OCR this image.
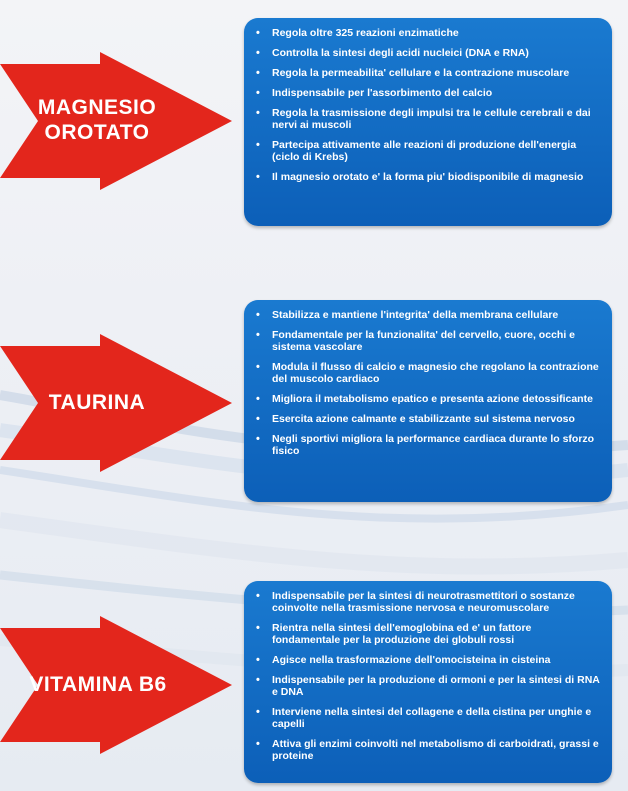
MAGNESIO
OROTATO
• Regola oltre 325 reazioni enzimatiche
• Controlla la sintesi degli acidi nucleici (DNA e RNA)
• Regola la permeabilita' cellulare e la contrazione muscolare
• Indispensabile per l'assorbimento del calcio
• Regola la trasmissione degli impulsi tra le cellule cerebrali e dai nervi ai muscoli
• Partecipa attivamente alle reazioni di produzione dell'energia (ciclo di Krebs)
• Il magnesio orotato e' la forma piu' biodisponibile di magnesio
TAURINA
• Stabilizza e mantiene l'integrita' della membrana cellulare
• Fondamentale per la funzionalita' del cervello, cuore, occhi e sistema vascolare
• Modula il flusso di calcio e magnesio che regolano la contrazione del muscolo cardiaco
• Migliora il metabolismo epatico e presenta azione detossificante
• Esercita azione calmante e stabilizzante sul sistema nervoso
• Negli sportivi migliora la performance cardiaca durante lo sforzo fisico
VITAMINA B6
• Indispensabile per la sintesi di neurotrasmettitori o sostanze coinvolte nella trasmissione nervosa e neuromuscolare
• Rientra nella sintesi dell'emoglobina ed e' un fattore fondamentale per la produzione dei globuli rossi
• Agisce nella trasformazione dell'omocisteina in cisteina
• Indispensabile per la produzione di ormoni e per la sintesi di RNA e DNA
• Interviene nella sintesi del collagene e della cistina per unghie e capelli
• Attiva gli enzimi coinvolti nel metabolismo di carboidrati, grassi e proteine
